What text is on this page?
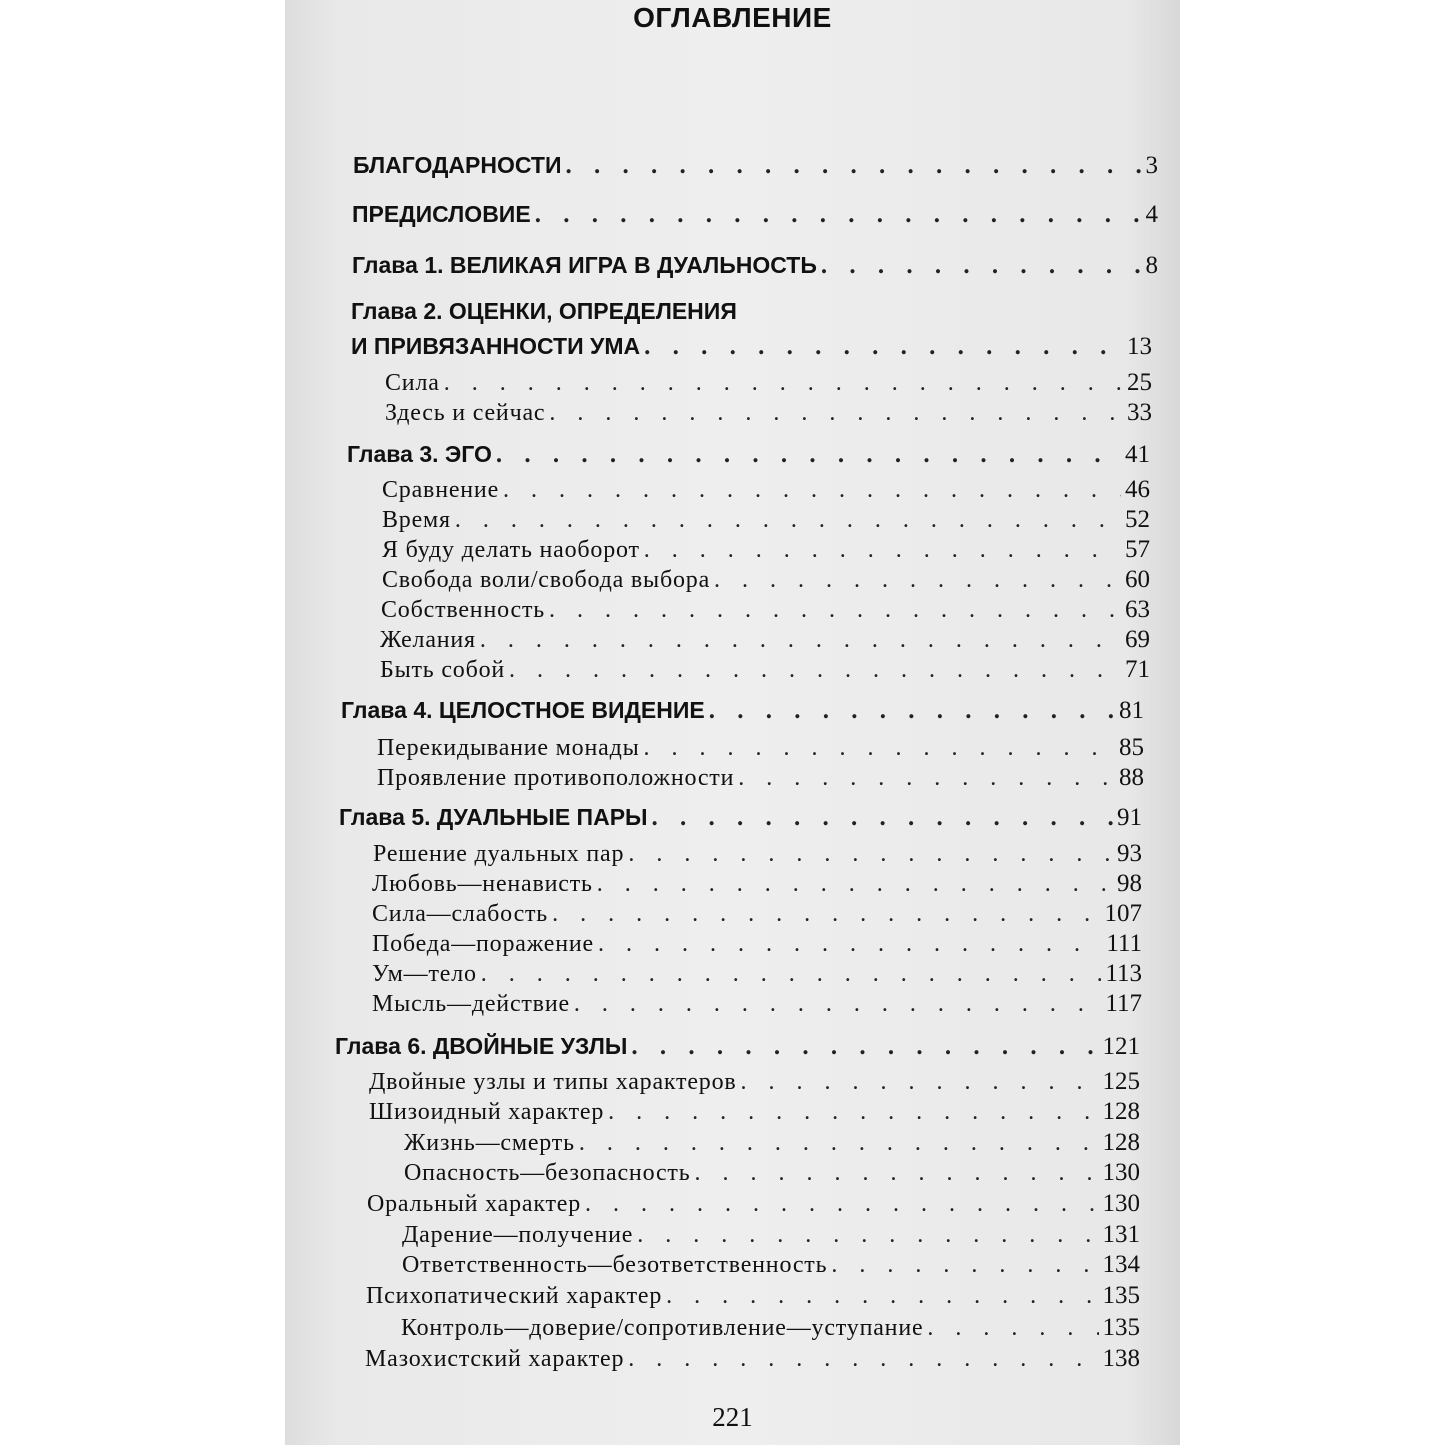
ОГЛАВЛЕНИЕ
БЛАГОДАРНОСТИ . . .	3
ПРЕДИСЛОВИЕ . . .	4
Глава 1. ВЕЛИКАЯ ИГРА В ДУАЛЬНОСТЬ . . .	8
Глава 2. ОЦЕНКИ, ОПРЕДЕЛЕНИЯ
И ПРИВЯЗАННОСТИ УМА . . .	13
Сила . . .	25
Здесь и сейчас . . .	33
Глава 3. ЭГО . . .	41
Сравнение . . .	46
Время . . .	52
Я буду делать наоборот . . .	57
Свобода воли/свобода выбора . . .	60
Собственность . . .	63
Желания . . .	69
Быть собой . . .	71
Глава 4. ЦЕЛОСТНОЕ ВИДЕНИЕ . . .	81
Перекидывание монады . . .	85
Проявление противоположности . . .	88
Глава 5. ДУАЛЬНЫЕ ПАРЫ . . .	91
Решение дуальных пар . . .	93
Любовь—ненависть . . .	98
Сила—слабость . . .	107
Победа—поражение . . .	111
Ум—тело . . .	113
Мысль—действие . . .	117
Глава 6. ДВОЙНЫЕ УЗЛЫ . . .	121
Двойные узлы и типы характеров . . .	125
Шизоидный характер . . .	128
Жизнь—смерть . . .	128
Опасность—безопасность . . .	130
Оральный характер . . .	130
Дарение—получение . . .	131
Ответственность—безответственность . . .	134
Психопатический характер . . .	135
Контроль—доверие/сопротивление—уступание . . .	135
Мазохистский характер . . .	138
221
